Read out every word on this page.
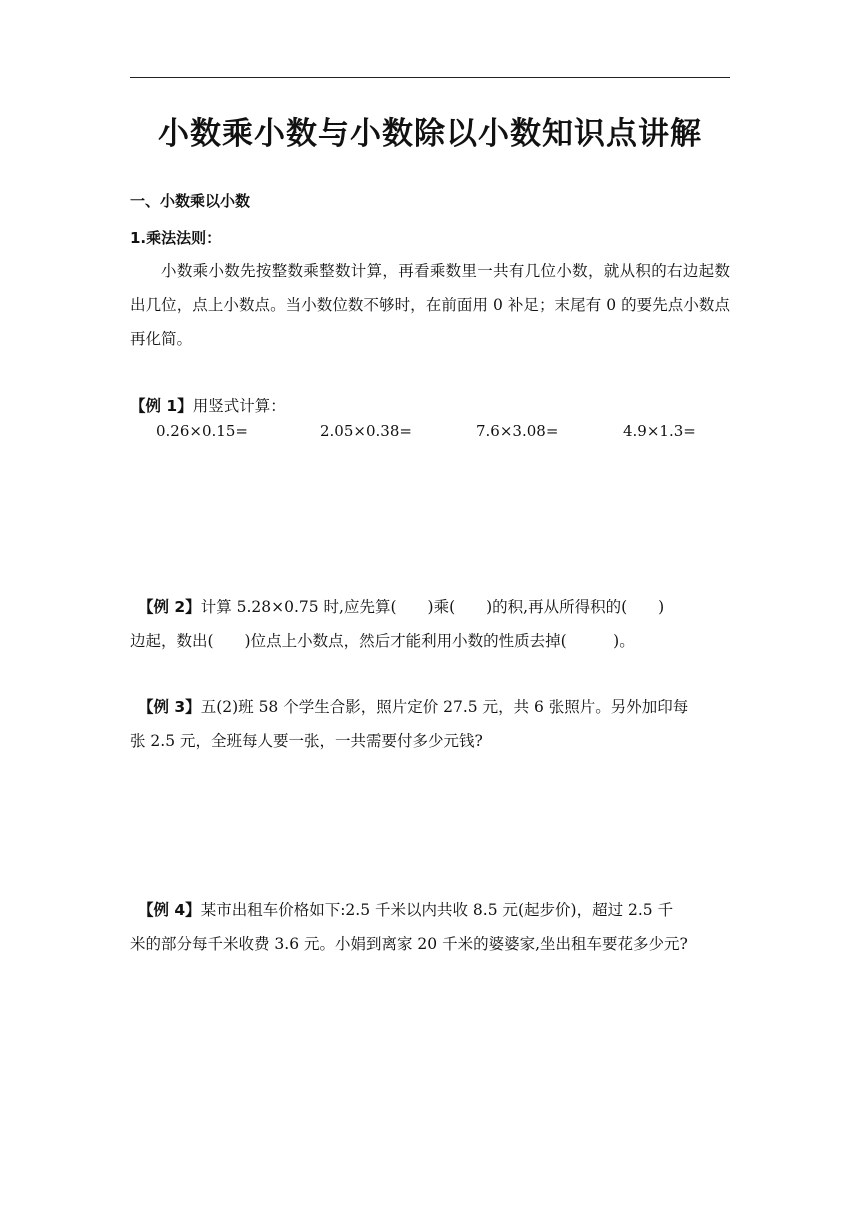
小数乘小数与小数除以小数知识点讲解
一、小数乘以小数
1.乘法法则：
小数乘小数先按整数乘整数计算，再看乘数里一共有几位小数，就从积的右边起数出几位，点上小数点。当小数位数不够时，在前面用 0 补足；末尾有 0 的要先点小数点再化简。
【例 1】用竖式计算：
0.26×0.15=	2.05×0.38=	7.6×3.08=	4.9×1.3=
【例 2】计算 5.28×0.75 时,应先算(　　)乘(　　)的积,再从所得积的(　　)
边起，数出(　　)位点上小数点，然后才能利用小数的性质去掉(　　　)。
【例 3】五(2)班 58 个学生合影，照片定价 27.5 元，共 6 张照片。另外加印每
张 2.5 元，全班每人要一张，一共需要付多少元钱?
【例 4】某市出租车价格如下:2.5 千米以内共收 8.5 元(起步价)，超过 2.5 千
米的部分每千米收费 3.6 元。小娟到离家 20 千米的婆婆家,坐出租车要花多少元?
